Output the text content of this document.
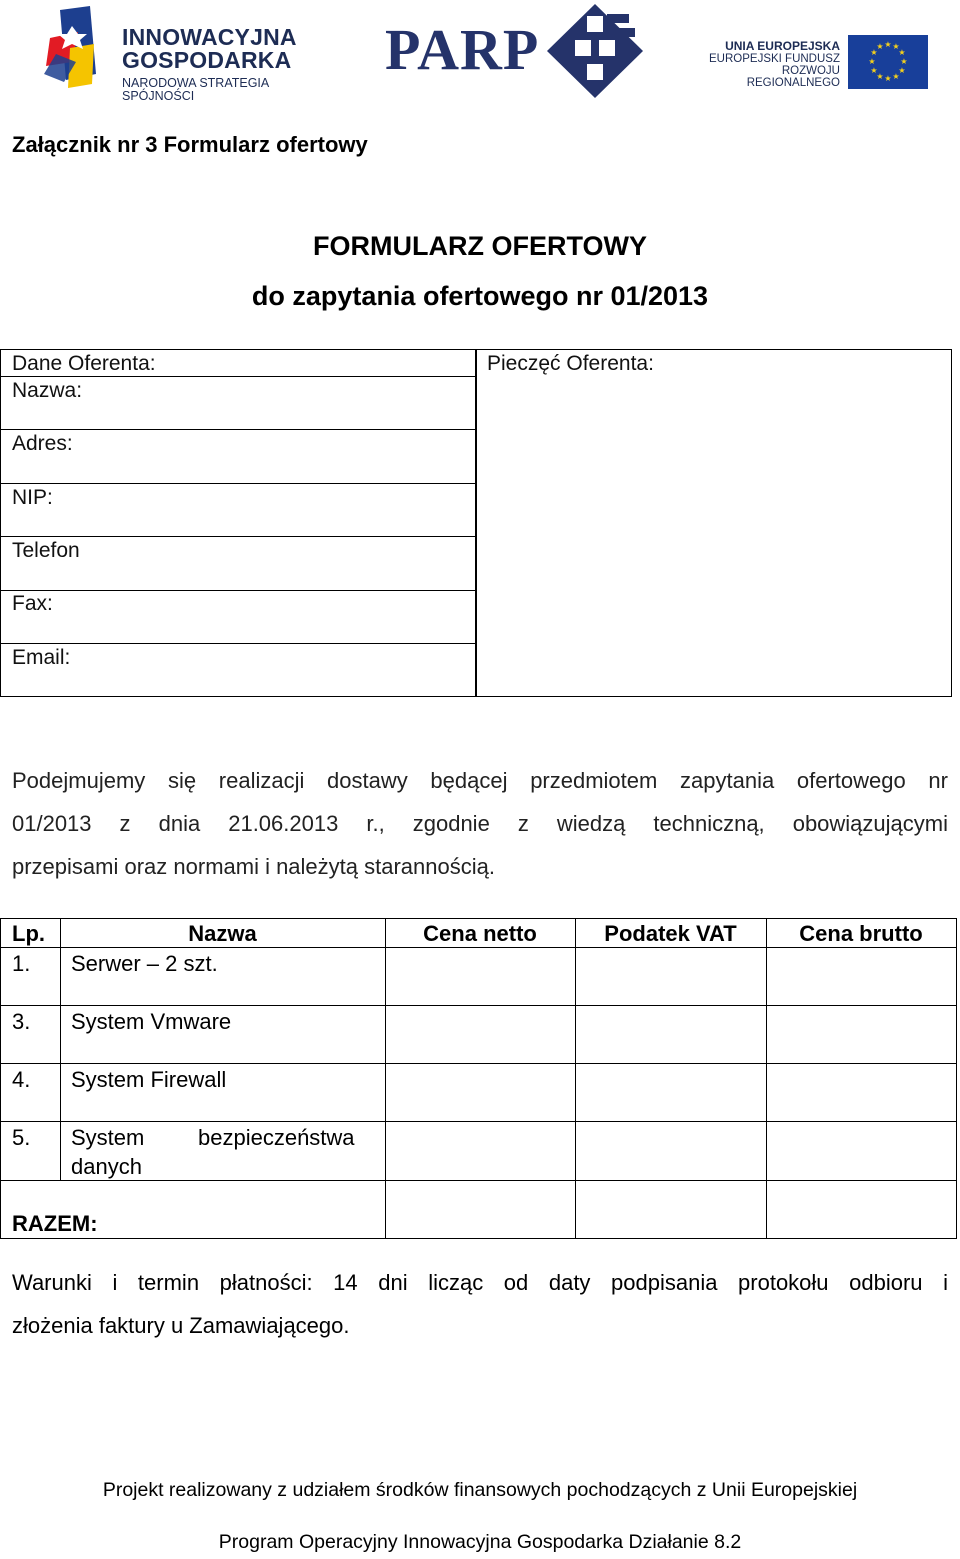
INNOWACYJNA
GOSPODARKA
NARODOWA STRATEGIA SPÓJNOŚCI
PARP	UNIA EUROPEJSKA
EUROPEJSKI FUNDUSZ
ROZWOJU REGIONALNEGO
★ ★
★
★
★
★
★
★
★
★
★
★
Załącznik nr 3 Formularz ofertowy
FORMULARZ OFERTOWY
do zapytania ofertowego nr 01/2013
Dane Oferenta:
Nazwa:
Adres:
NIP:
Telefon
Fax:
Email:
Pieczęć Oferenta:
Podejmujemy się realizacji dostawy będącej przedmiotem zapytania ofertowego nr
01/2013 z dnia 21.06.2013 r., zgodnie z wiedzą techniczną, obowiązującymi
przepisami oraz normami i należytą starannością.
Lp.	Nazwa	Cena netto	Podatek VAT	Cena brutto
1. Serwer – 2 szt.
3. System Vmware
4. System Firewall
5. System bezpieczeństwa
danych
RAZEM:
Warunki i termin płatności: 14 dni licząc od daty podpisania protokołu odbioru i
złożenia faktury u Zamawiającego.
Projekt realizowany z udziałem środków finansowych pochodzących z Unii Europejskiej
Program Operacyjny Innowacyjna Gospodarka Działanie 8.2
